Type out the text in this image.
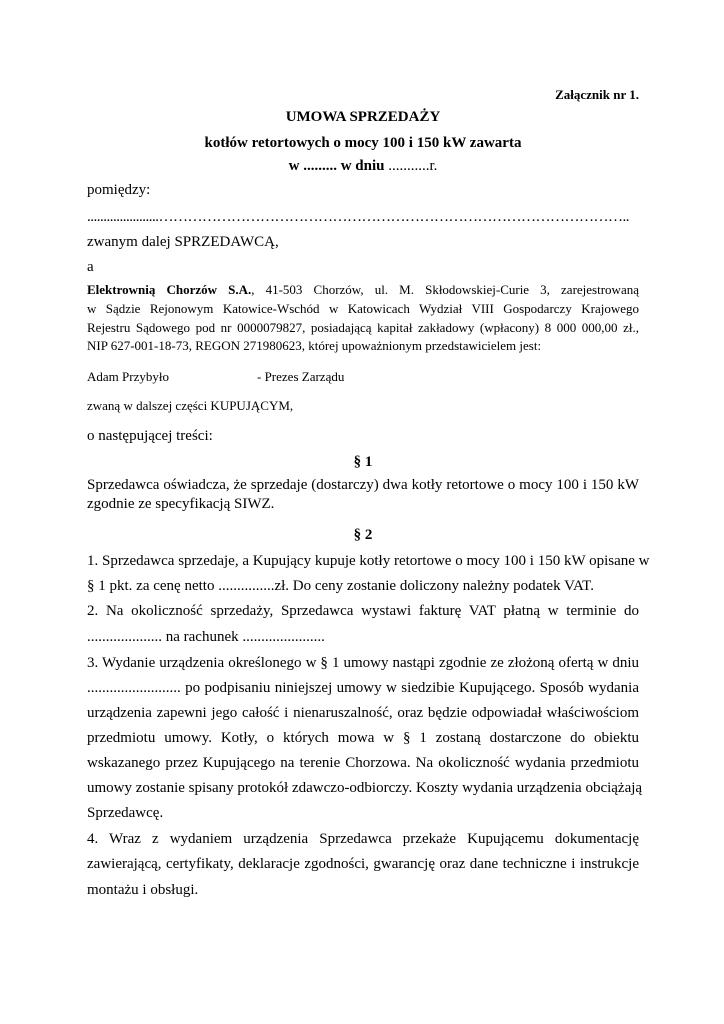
Załącznik nr 1.
UMOWA SPRZEDAŻY
kotłów retortowych o mocy 100 i 150 kW zawarta
w ......... w dniu ...........r.
pomiędzy:
......................……………………………………………………………………………………..
zwanym dalej SPRZEDAWCĄ,
a
Elektrownią Chorzów S.A., 41-503 Chorzów, ul. M. Skłodowskiej-Curie 3, zarejestrowaną
w Sądzie Rejonowym Katowice-Wschód w Katowicach Wydział VIII Gospodarczy Krajowego
Rejestru Sądowego pod nr 0000079827, posiadającą kapitał zakładowy (wpłacony) 8 000 000,00 zł.,
NIP 627-001-18-73, REGON 271980623, której upoważnionym przedstawicielem jest:
Adam Przybyło	- Prezes Zarządu
zwaną w dalszej części KUPUJĄCYM,
o następującej treści:
§ 1
Sprzedawca oświadcza, że sprzedaje (dostarczy) dwa kotły retortowe o mocy 100 i 150 kW
zgodnie ze specyfikacją SIWZ.
§ 2
1. Sprzedawca sprzedaje, a Kupujący kupuje kotły retortowe o mocy 100 i 150 kW opisane w
§ 1 pkt. za cenę netto ...............zł. Do ceny zostanie doliczony należny podatek VAT.
2. Na okoliczność sprzedaży, Sprzedawca wystawi fakturę VAT płatną w terminie do
.................... na rachunek ......................
3. Wydanie urządzenia określonego w § 1 umowy nastąpi zgodnie ze złożoną ofertą w dniu
......................... po podpisaniu niniejszej umowy w siedzibie Kupującego. Sposób wydania
urządzenia zapewni jego całość i nienaruszalność, oraz będzie odpowiadał właściwościom
przedmiotu umowy. Kotły, o których mowa w § 1 zostaną dostarczone do obiektu
wskazanego przez Kupującego na terenie Chorzowa. Na okoliczność wydania przedmiotu
umowy zostanie spisany protokół zdawczo-odbiorczy. Koszty wydania urządzenia obciążają
Sprzedawcę.
4. Wraz z wydaniem urządzenia Sprzedawca przekaże Kupującemu dokumentację
zawierającą, certyfikaty, deklaracje zgodności, gwarancję oraz dane techniczne i instrukcje
montażu i obsługi.
